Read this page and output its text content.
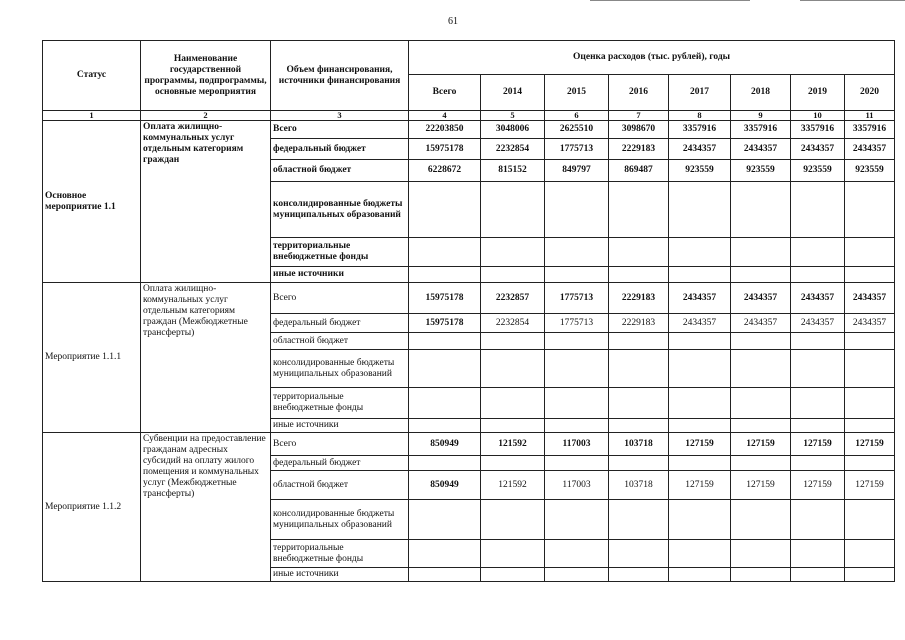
61
Статус	Наименование государственной программы, подпрограммы, основные мероприятия	Объем финансирования, источники финансирования	Оценка расходов (тыс. рублей), годы							
			Всего	2014	2015	2016	2017	2018	2019	2020
1	2	3	4	5	6	7	8	9	10	11
Основное мероприятие 1.1	Оплата жилищно-коммунальных услуг отдельным категориям граждан	Всего	22203850	3048006	2625510	3098670	3357916	3357916	3357916	3357916
		федеральный бюджет	15975178	2232854	1775713	2229183	2434357	2434357	2434357	2434357
		областной бюджет	6228672	815152	849797	869487	923559	923559	923559	923559
		консолидированные бюджеты муниципальных образований								
		территориальные внебюджетные фонды								
		иные источники								
Мероприятие 1.1.1	Оплата жилищно-коммунальных услуг отдельным категориям граждан (Межбюджетные трансферты)	Всего	15975178	2232857	1775713	2229183	2434357	2434357	2434357	2434357
		федеральный бюджет	15975178	2232854	1775713	2229183	2434357	2434357	2434357	2434357
		областной бюджет								
		консолидированные бюджеты муниципальных образований								
		территориальные внебюджетные фонды								
		иные источники								
Мероприятие 1.1.2	Субвенции на предоставление гражданам адресных субсидий на оплату жилого помещения и коммунальных услуг (Межбюджетные трансферты)	Всего	850949	121592	117003	103718	127159	127159	127159	127159
		федеральный бюджет								
		областной бюджет	850949	121592	117003	103718	127159	127159	127159	127159
		консолидированные бюджеты муниципальных образований								
		территориальные внебюджетные фонды								
		иные источники								
